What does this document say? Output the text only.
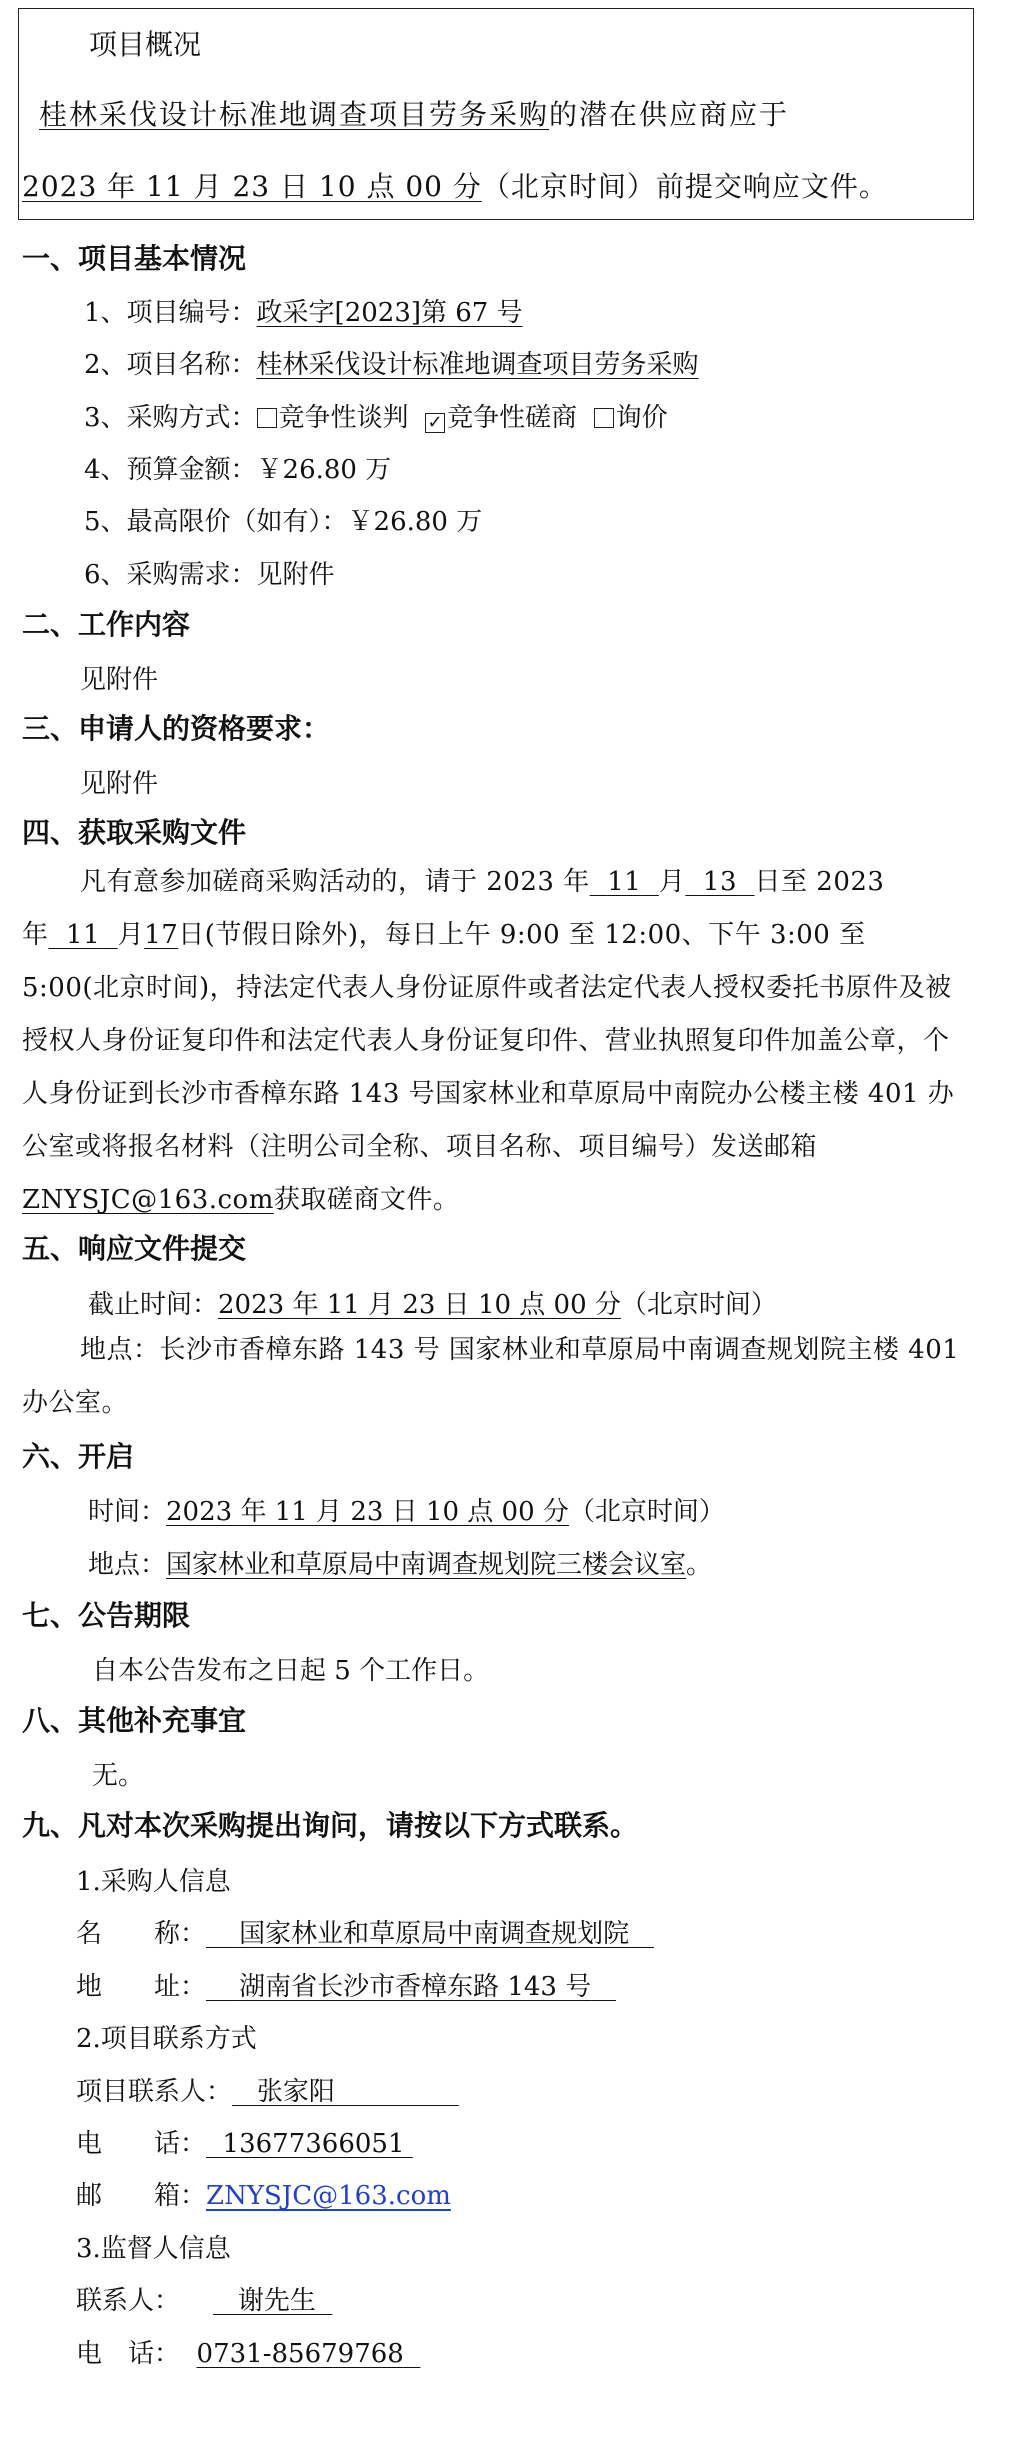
项目概况
桂林采伐设计标准地调查项目劳务采购的潜在供应商应于
2023 年 11 月 23 日 10 点 00 分（北京时间）前提交响应文件。
一、项目基本情况
1、项目编号：政采字[2023]第 67 号
2、项目名称：桂林采伐设计标准地调查项目劳务采购
3、采购方式： 竞争性谈判 ✓ 竞争性磋商 询价
4、预算金额：￥26.80 万
5、最高限价（如有）：￥26.80 万
6、采购需求：见附件
二、工作内容
见附件
三、申请人的资格要求：
见附件
四、获取采购文件
凡有意参加磋商采购活动的，请于 2023 年 11 月 13 日至 2023 年 11 月17日(节假日除外)，每日上午 9:00 至 12:00、下午 3:00 至 5:00(北京时间)，持法定代表人身份证原件或者法定代表人授权委托书原件及被授权人身份证复印件和法定代表人身份证复印件、营业执照复印件加盖公章，个人身份证到长沙市香樟东路 143 号国家林业和草原局中南院办公楼主楼 401 办公室或将报名材料（注明公司全称、项目名称、项目编号）发送邮箱ZNYSJC@163.com获取磋商文件。
五、响应文件提交
截止时间：2023 年 11 月 23 日 10 点 00 分（北京时间）
地点：长沙市香樟东路 143 号 国家林业和草原局中南调查规划院主楼 401 办公室。
六、开启
时间：2023 年 11 月 23 日 10 点 00 分（北京时间）
地点：国家林业和草原局中南调查规划院三楼会议室。
七、公告期限
自本公告发布之日起 5 个工作日。
八、其他补充事宜
无。
九、凡对本次采购提出询问，请按以下方式联系。
1.采购人信息
名　　称： 国家林业和草原局中南调查规划院
地　　址： 湖南省长沙市香樟东路 143 号
2.项目联系方式
项目联系人： 张家阳
电　　话： 13677366051
邮　　箱：ZNYSJC@163.com
3.监督人信息
联系人： 谢先生
电　话： 0731-85679768
